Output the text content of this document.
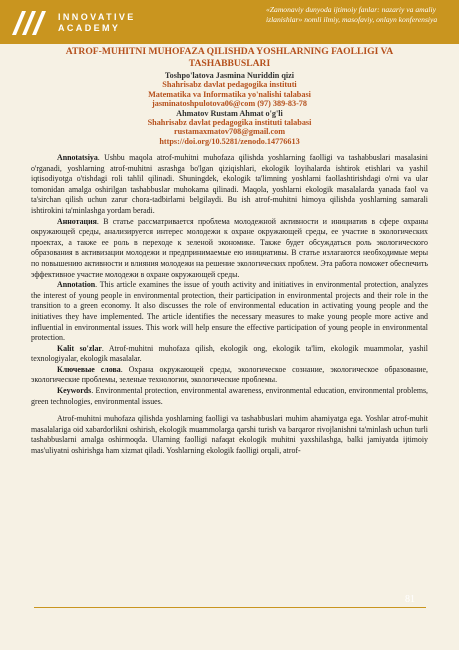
INNOVATIVE
ACADEMY
«Zamonaviy dunyoda ijtimoiy fanlar: nazariy va amaliy izlanishlar» nomli ilmiy, masofaviy, onlayn konferensiya
ATROF-MUHITNI MUHOFAZA QILISHDA YOSHLARNING FAOLLIGI VA TASHABBUSLARI
Toshpo'latova Jasmina Nuriddin qizi
Shahrisabz davlat pedagogika instituti
Matematika va Informatika yo'nalishi talabasi
jasminatoshpulotova06@com (97) 389-83-78
Ahmatov Rustam Ahmat o'g'li
Shahrisabz davlat pedagogika instituti talabasi
rustamaxmatov708@gmail.com
https://doi.org/10.5281/zenodo.14776613

Annotatsiya. Ushbu maqola atrof-muhitni muhofaza qilishda yoshlarning faolligi va tashabbuslari masalasini o'rganadi, yoshlarning atrof-muhitni asrashga bo'lgan qiziqishlari, ekologik loyihalarda ishtirok etishlari va yashil iqtisodiyotga o'tishdagi roli tahlil qilinadi. Shuningdek, ekologik ta'limning yoshlarni faollashtirishdagi o'rni va ular tomonidan amalga oshirilgan tashabbuslar muhokama qilinadi. Maqola, yoshlarni ekologik masalalarda yanada faol va ta'sirchan qilish uchun zarur chora-tadbirlarni belgilaydi. Bu ish atrof-muhitni himoya qilishda yoshlarning samarali ishtirokini ta'minlashga yordam beradi.

Аннотация. В статье рассматривается проблема молодежной активности и инициатив в сфере охраны окружающей среды, анализируется интерес молодежи к охране окружающей среды, ее участие в экологических проектах, а также ее роль в переходе к зеленой экономике. Также будет обсуждаться роль экологического образования в активизации молодежи и предпринимаемые ею инициативы. В статье излагаются необходимые меры по повышению активности и влияния молодежи на решение экологических проблем. Эта работа поможет обеспечить эффективное участие молодежи в охране окружающей среды.

Annotation. This article examines the issue of youth activity and initiatives in environmental protection, analyzes the interest of young people in environmental protection, their participation in environmental projects and their role in the transition to a green economy. It also discusses the role of environmental education in activating young people and the initiatives they have implemented. The article identifies the necessary measures to make young people more active and influential in environmental issues. This work will help ensure the effective participation of young people in environmental protection.

Kalit so'zlar. Atrof-muhitni muhofaza qilish, ekologik ong, ekologik ta'lim, ekologik muammolar, yashil texnologiyalar, ekologik masalalar.

Ключевые слова. Охрана окружающей среды, экологическое сознание, экологическое образование, экологические проблемы, зеленые технологии, экологические проблемы.

Keywords. Environmental protection, environmental awareness, environmental education, environmental problems, green technologies, environmental issues.

Atrof-muhitni muhofaza qilishda yoshlarning faolligi va tashabbuslari muhim ahamiyatga ega. Yoshlar atrof-muhit masalalariga oid xabardorlikni oshirish, ekologik muammolarga qarshi turish va barqaror rivojlanishni ta'minlash uchun turli tashabbuslarni amalga oshirmoqda. Ularning faolligi nafaqat ekologik muhitni yaxshilashga, balki jamiyatda ijtimoiy mas'uliyatni oshirishga ham xizmat qiladi. Yoshlarning ekologik faolligi orqali, atrof-

81
